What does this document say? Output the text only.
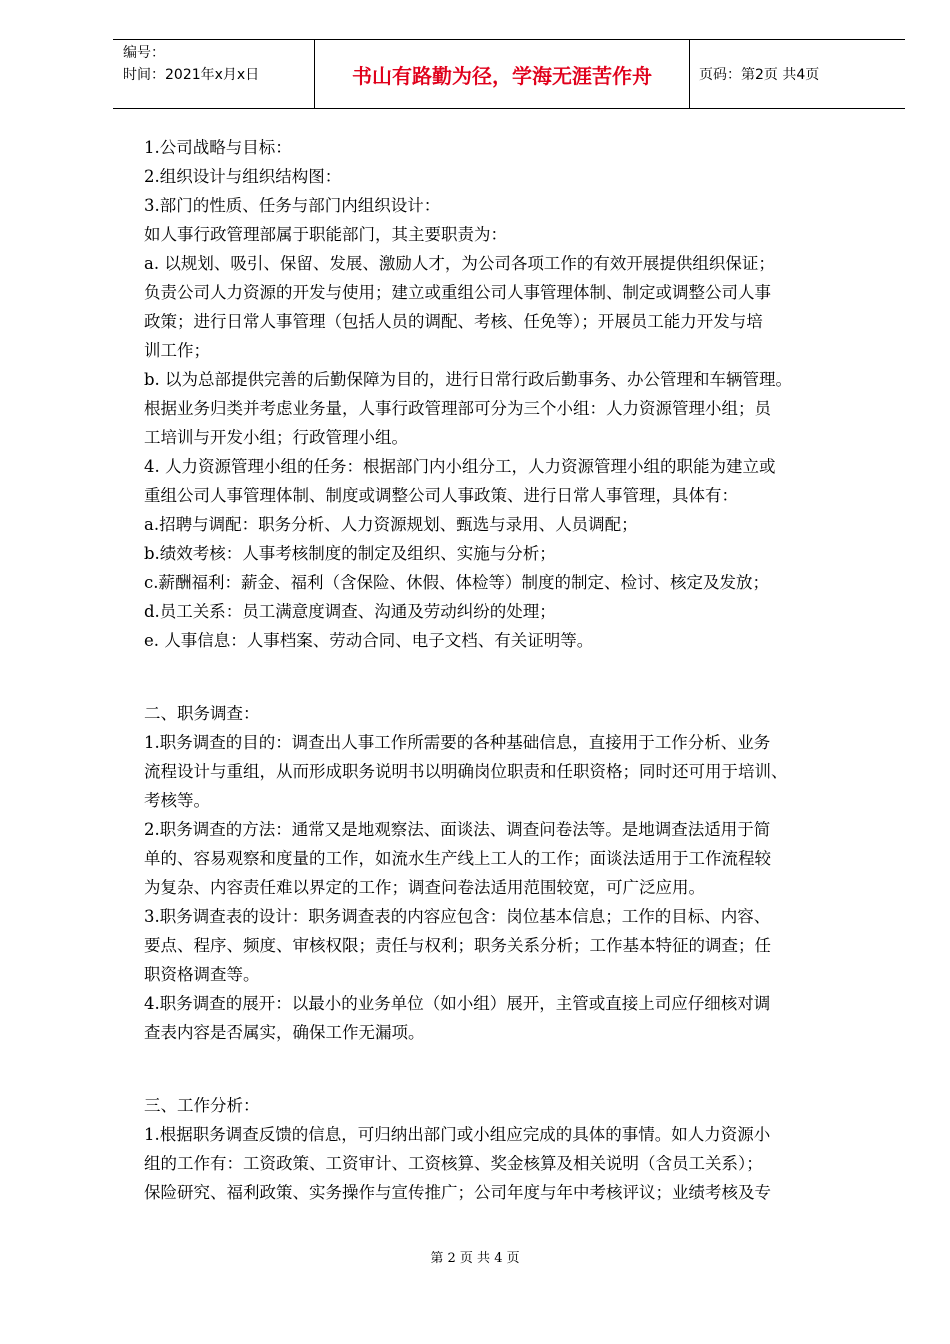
编号：
时间：2021年x月x日	书山有路勤为径，学海无涯苦作舟	页码：第2页 共4页

1.公司战略与目标：

2.组织设计与组织结构图：

3.部门的性质、任务与部门内组织设计：

如人事行政管理部属于职能部门，其主要职责为：

a. 以规划、吸引、保留、发展、激励人才，为公司各项工作的有效开展提供组织保证；

负责公司人力资源的开发与使用；建立或重组公司人事管理体制、制定或调整公司人事

政策；进行日常人事管理（包括人员的调配、考核、任免等）；开展员工能力开发与培

训工作；

b. 以为总部提供完善的后勤保障为目的，进行日常行政后勤事务、办公管理和车辆管理。

根据业务归类并考虑业务量，人事行政管理部可分为三个小组：人力资源管理小组；员

工培训与开发小组；行政管理小组。

4. 人力资源管理小组的任务：根据部门内小组分工，人力资源管理小组的职能为建立或

重组公司人事管理体制、制度或调整公司人事政策、进行日常人事管理，具体有：

a.招聘与调配：职务分析、人力资源规划、甄选与录用、人员调配；

b.绩效考核：人事考核制度的制定及组织、实施与分析；

c.薪酬福利：薪金、福利（含保险、休假、体检等）制度的制定、检讨、核定及发放；

d.员工关系：员工满意度调查、沟通及劳动纠纷的处理；

e. 人事信息：人事档案、劳动合同、电子文档、有关证明等。

二、职务调查：

1.职务调查的目的：调查出人事工作所需要的各种基础信息，直接用于工作分析、业务

流程设计与重组，从而形成职务说明书以明确岗位职责和任职资格；同时还可用于培训、

考核等。

2.职务调查的方法：通常又是地观察法、面谈法、调查问卷法等。是地调查法适用于简

单的、容易观察和度量的工作，如流水生产线上工人的工作；面谈法适用于工作流程较

为复杂、内容责任难以界定的工作；调查问卷法适用范围较宽，可广泛应用。

3.职务调查表的设计：职务调查表的内容应包含：岗位基本信息；工作的目标、内容、

要点、程序、频度、审核权限；责任与权利；职务关系分析；工作基本特征的调查；任

职资格调查等。

4.职务调查的展开：以最小的业务单位（如小组）展开，主管或直接上司应仔细核对调

查表内容是否属实，确保工作无漏项。

三、工作分析：

1.根据职务调查反馈的信息，可归纳出部门或小组应完成的具体的事情。如人力资源小

组的工作有：工资政策、工资审计、工资核算、奖金核算及相关说明（含员工关系）；

保险研究、福利政策、实务操作与宣传推广；公司年度与年中考核评议；业绩考核及专

第 2 页 共 4 页
